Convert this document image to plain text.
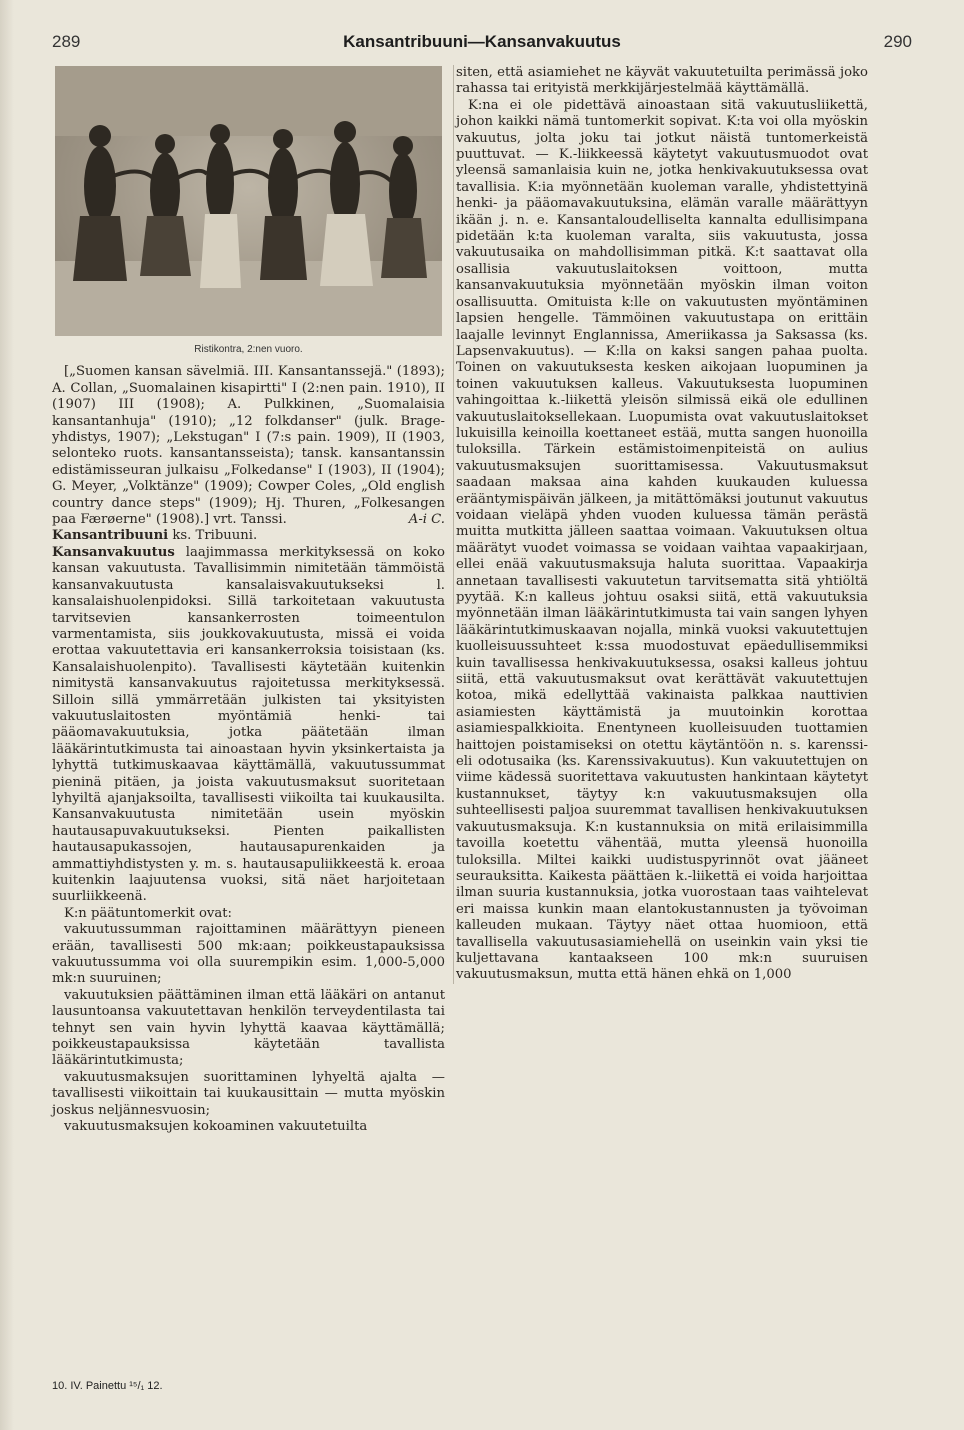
289	Kansantribuuni—Kansanvakuutus	290
Ristikontra, 2:nen vuoro.

[„Suomen kansan sävelmiä. III. Kansantanssejä." (1893); A. Collan, „Suomalainen kisapirtti" I (2:nen pain. 1910), II (1907) III (1908); A. Pulkkinen, „Suomalaisia kansantanhuja" (1910); „12 folkdanser" (julk. Brage-yhdistys, 1907); „Lekstugan" I (7:s pain. 1909), II (1903, selonteko ruots. kansantansseista); tansk. kansantanssin edistämisseuran julkaisu „Folkedanse" I (1903), II (1904); G. Meyer, „Volktänze" (1909); Cowper Coles, „Old english country dance steps" (1909); Hj. Thuren, „Folkesangen paa Færøerne" (1908).] vrt. Tanssi.	A-i C.

Kansantribuuni ks. Tribuuni.

Kansanvakuutus laajimmassa merkityksessä on koko kansan vakuutusta. Tavallisimmin nimitetään tämmöistä kansanvakuutusta kansalaisvakuutukseksi l. kansalaishuolenpidoksi. Sillä tarkoitetaan vakuutusta tarvitsevien kansankerrosten toimeentulon varmentamista, siis joukkovakuutusta, missä ei voida erottaa vakuutettavia eri kansankerroksia toisistaan (ks. Kansalaishuolenpito). Tavallisesti käytetään kuitenkin nimitystä kansanvakuutus rajoitetussa merkityksessä. Silloin sillä ymmärretään julkisten tai yksityisten vakuutuslaitosten myöntämiä henki- tai pääomavakuutuksia, jotka päätetään ilman lääkärintutkimusta tai ainoastaan hyvin yksinkertaista ja lyhyttä tutkimuskaavaa käyttämällä, vakuutussummat pieninä pitäen, ja joista vakuutusmaksut suoritetaan lyhyiltä ajanjaksoilta, tavallisesti viikoilta tai kuukausilta. Kansanvakuutusta nimitetään usein myöskin hautausapuvakuutukseksi. Pienten paikallisten hautausapukassojen, hautausapurenkaiden ja ammattiyhdistysten y. m. s. hautausapuliikkeestä k. eroaa kuitenkin laajuutensa vuoksi, sitä näet harjoitetaan suurliikkeenä.

K:n päätuntomerkit ovat:

vakuutussumman rajoittaminen määrättyyn pieneen erään, tavallisesti 500 mk:aan; poikkeustapauksissa vakuutussumma voi olla suurempikin esim. 1,000-5,000 mk:n suuruinen;

vakuutuksien päättäminen ilman että lääkäri on antanut lausuntoansa vakuutettavan henkilön terveydentilasta tai tehnyt sen vain hyvin lyhyttä kaavaa käyttämällä; poikkeustapauksissa käytetään tavallista lääkärintutkimusta;

vakuutusmaksujen suorittaminen lyhyeltä ajalta — tavallisesti viikoittain tai kuukausittain — mutta myöskin joskus neljännesvuosin;

vakuutusmaksujen kokoaminen vakuutetuilta

siten, että asiamiehet ne käyvät vakuutetuilta perimässä joko rahassa tai erityistä merkkijärjestelmää käyttämällä.

K:na ei ole pidettävä ainoastaan sitä vakuutusliikettä, johon kaikki nämä tuntomerkit sopivat. K:ta voi olla myöskin vakuutus, jolta joku tai jotkut näistä tuntomerkeistä puuttuvat. — K.-liikkeessä käytetyt vakuutusmuodot ovat yleensä samanlaisia kuin ne, jotka henkivakuutuksessa ovat tavallisia. K:ia myönnetään kuoleman varalle, yhdistettyinä henki- ja pääomavakuutuksina, elämän varalle määrättyyn ikään j. n. e. Kansantaloudelliselta kannalta edullisimpana pidetään k:ta kuoleman varalta, siis vakuutusta, jossa vakuutusaika on mahdollisimman pitkä. K:t saattavat olla osallisia vakuutuslaitoksen voittoon, mutta kansanvakuutuksia myönnetään myöskin ilman voiton osallisuutta. Omituista k:lle on vakuutusten myöntäminen lapsien hengelle. Tämmöinen vakuutustapa on erittäin laajalle levinnyt Englannissa, Ameriikassa ja Saksassa (ks. Lapsenvakuutus). — K:lla on kaksi sangen pahaa puolta. Toinen on vakuutuksesta kesken aikojaan luopuminen ja toinen vakuutuksen kalleus. Vakuutuksesta luopuminen vahingoittaa k.-liikettä yleisön silmissä eikä ole edullinen vakuutuslaitoksellekaan. Luopumista ovat vakuutuslaitokset lukuisilla keinoilla koettaneet estää, mutta sangen huonoilla tuloksilla. Tärkein estämistoimenpiteistä on aulius vakuutusmaksujen suorittamisessa. Vakuutusmaksut saadaan maksaa aina kahden kuukauden kuluessa erääntymispäivän jälkeen, ja mitättömäksi joutunut vakuutus voidaan vieläpä yhden vuoden kuluessa tämän perästä muitta mutkitta jälleen saattaa voimaan. Vakuutuksen oltua määrätyt vuodet voimassa se voidaan vaihtaa vapaakirjaan, ellei enää vakuutusmaksuja haluta suorittaa. Vapaakirja annetaan tavallisesti vakuutetun tarvitsematta sitä yhtiöltä pyytää. K:n kalleus johtuu osaksi siitä, että vakuutuksia myönnetään ilman lääkärintutkimusta tai vain sangen lyhyen lääkärintutkimuskaavan nojalla, minkä vuoksi vakuutettujen kuolleisuussuhteet k:ssa muodostuvat epäedullisemmiksi kuin tavallisessa henkivakuutuksessa, osaksi kalleus johtuu siitä, että vakuutusmaksut ovat kerättävät vakuutettujen kotoa, mikä edellyttää vakinaista palkkaa nauttivien asiamiesten käyttämistä ja muutoinkin korottaa asiamiespalkkioita. Enentyneen kuolleisuuden tuottamien haittojen poistamiseksi on otettu käytäntöön n. s. karenssi- eli odotusaika (ks. Karenssivakuutus). Kun vakuutettujen on viime kädessä suoritettava vakuutusten hankintaan käytetyt kustannukset, täytyy k:n vakuutusmaksujen olla suhteellisesti paljoa suuremmat tavallisen henkivakuutuksen vakuutusmaksuja. K:n kustannuksia on mitä erilaisimmilla tavoilla koetettu vähentää, mutta yleensä huonoilla tuloksilla. Miltei kaikki uudistuspyrinnöt ovat jääneet seurauksitta. Kaikesta päättäen k.-liikettä ei voida harjoittaa ilman suuria kustannuksia, jotka vuorostaan taas vaihtelevat eri maissa kunkin maan elantokustannusten ja työvoiman kalleuden mukaan. Täytyy näet ottaa huomioon, että tavallisella vakuutusasiamiehellä on useinkin vain yksi tie kuljettavana kantaakseen 100 mk:n suuruisen vakuutusmaksun, mutta että hänen ehkä on 1,000

10. IV. Painettu ¹⁵/₁ 12.
